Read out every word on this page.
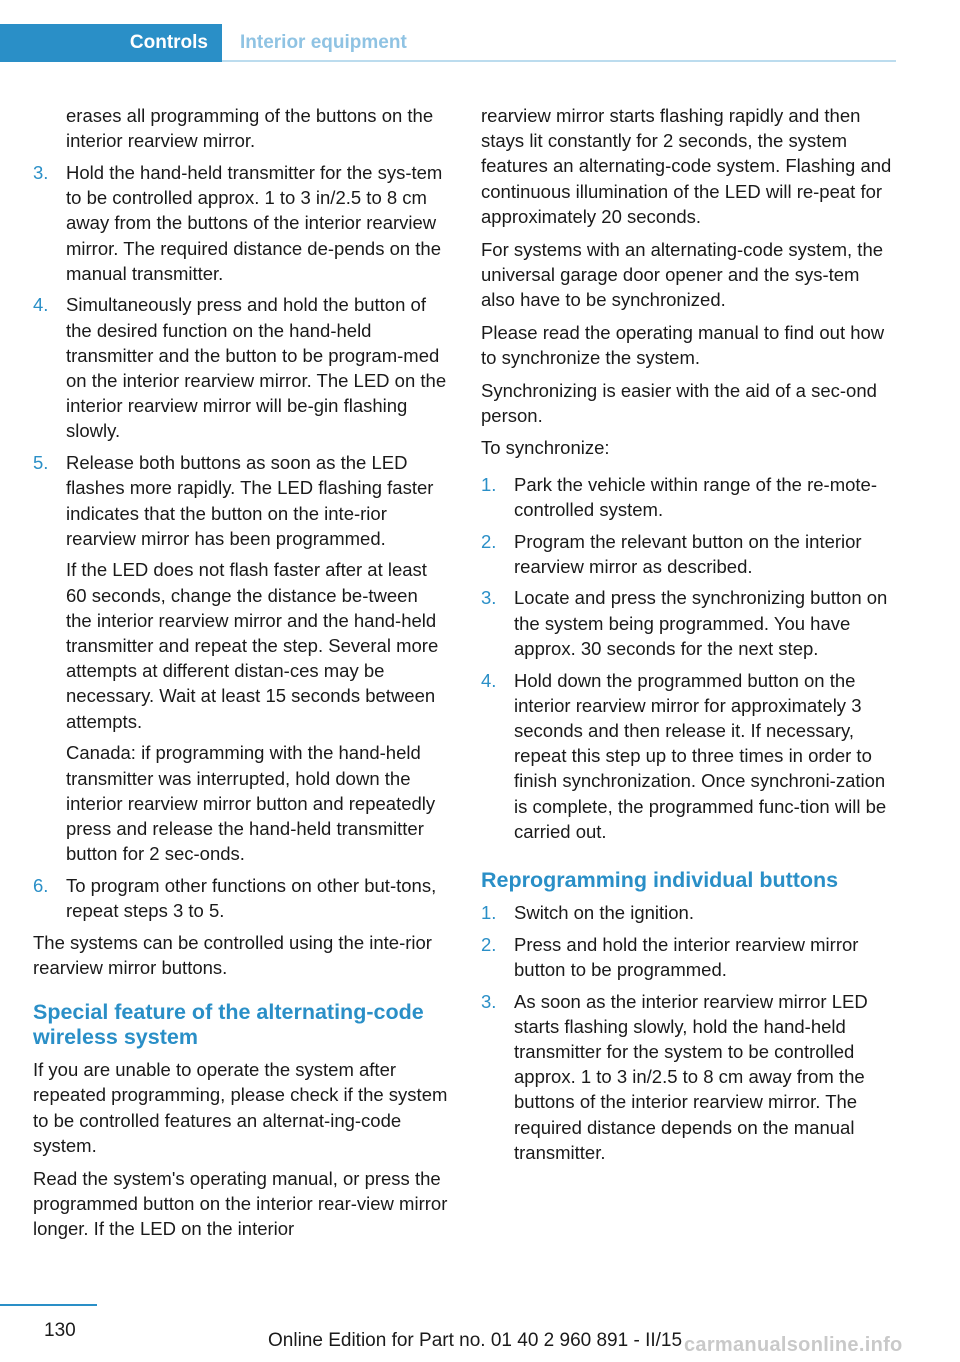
Controls	Interior equipment
erases all programming of the buttons on the interior rearview mirror.
3. Hold the hand-held transmitter for the sys-tem to be controlled approx. 1 to 3 in/2.5 to 8 cm away from the buttons of the interior rearview mirror. The required distance de-pends on the manual transmitter.

4. Simultaneously press and hold the button of the desired function on the hand-held transmitter and the button to be program-med on the interior rearview mirror. The LED on the interior rearview mirror will be-gin flashing slowly.

5. Release both buttons as soon as the LED flashes more rapidly. The LED flashing faster indicates that the button on the inte-rior rearview mirror has been programmed.

If the LED does not flash faster after at least 60 seconds, change the distance be-tween the interior rearview mirror and the hand-held transmitter and repeat the step. Several more attempts at different distan-ces may be necessary. Wait at least 15 seconds between attempts.

Canada: if programming with the hand-held transmitter was interrupted, hold down the interior rearview mirror button and repeatedly press and release the hand-held transmitter button for 2 sec-onds.

6. To program other functions on other but-tons, repeat steps 3 to 5.

The systems can be controlled using the inte-rior rearview mirror buttons.

Special feature of the alternating-code wireless system

If you are unable to operate the system after repeated programming, please check if the system to be controlled features an alternat-ing-code system.

Read the system's operating manual, or press the programmed button on the interior rear-view mirror longer. If the LED on the interior

rearview mirror starts flashing rapidly and then stays lit constantly for 2 seconds, the system features an alternating-code system. Flashing and continuous illumination of the LED will re-peat for approximately 20 seconds.

For systems with an alternating-code system, the universal garage door opener and the sys-tem also have to be synchronized.

Please read the operating manual to find out how to synchronize the system.

Synchronizing is easier with the aid of a sec-ond person.

To synchronize:

1. Park the vehicle within range of the re-mote-controlled system.

2. Program the relevant button on the interior rearview mirror as described.

3. Locate and press the synchronizing button on the system being programmed. You have approx. 30 seconds for the next step.

4. Hold down the programmed button on the interior rearview mirror for approximately 3 seconds and then release it. If necessary, repeat this step up to three times in order to finish synchronization. Once synchroni-zation is complete, the programmed func-tion will be carried out.

Reprogramming individual buttons
1. Switch on the ignition.

2. Press and hold the interior rearview mirror button to be programmed.

3. As soon as the interior rearview mirror LED starts flashing slowly, hold the hand-held transmitter for the system to be controlled approx. 1 to 3 in/2.5 to 8 cm away from the buttons of the interior rearview mirror. The required distance depends on the manual transmitter.

130	Online Edition for Part no. 01 40 2 960 891 - II/15 carmanualsonline.info
